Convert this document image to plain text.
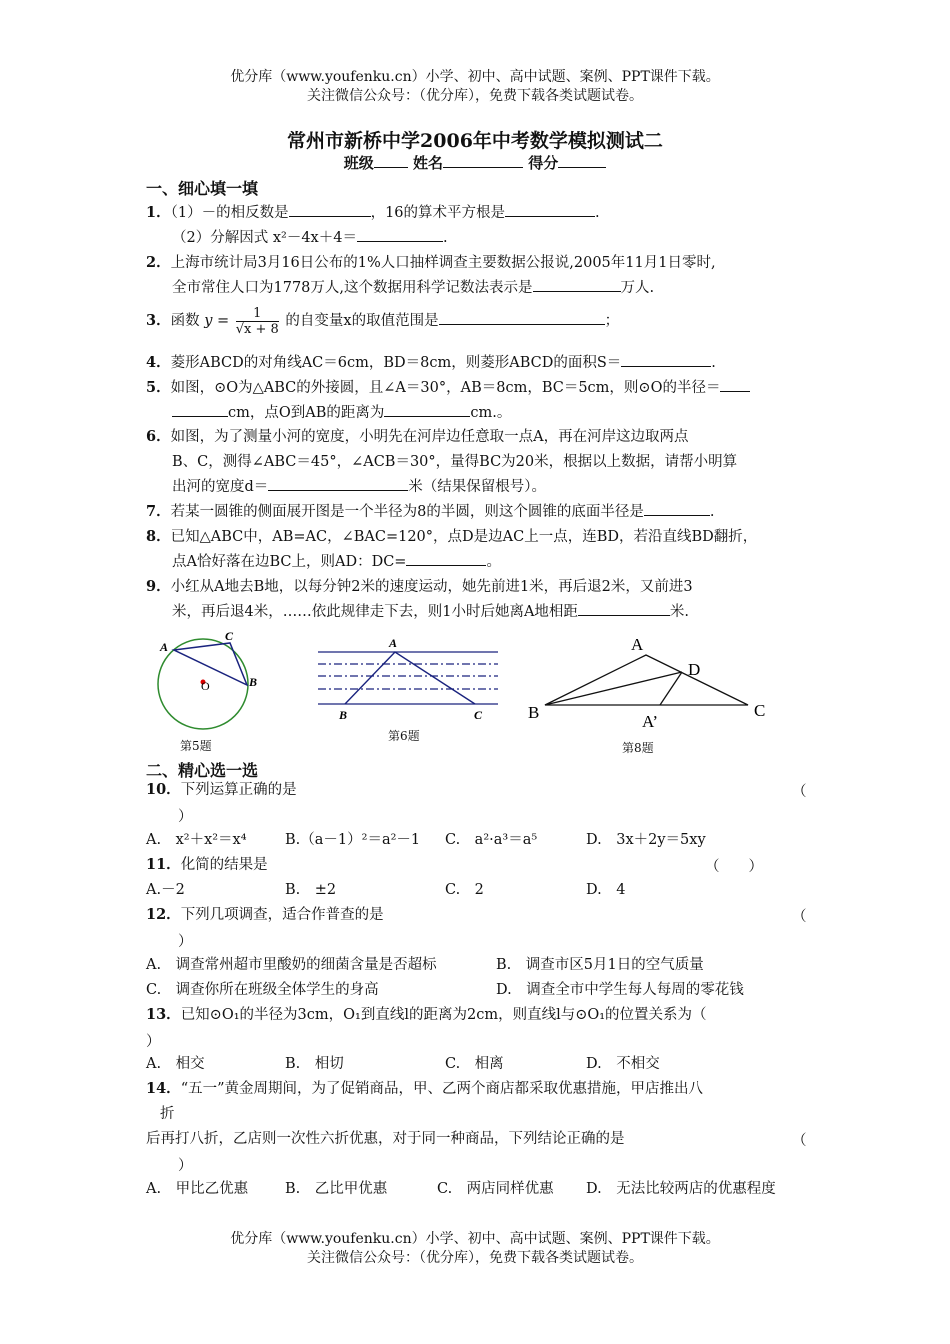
优分库（www.youfenku.cn）小学、初中、高中试题、案例、PPT课件下载。
关注微信公众号：（优分库），免费下载各类试题试卷。
常州市新桥中学2006年中考数学模拟测试二
班级	姓名	得分
一、细心填一填
1．（1）－的相反数是	，16的算术平方根是	.
（2）分解因式 x²－4x＋4＝	.
2．上海市统计局3月16日公布的1%人口抽样调查主要数据公报说,2005年11月1日零时,
全市常住人口为1778万人,这个数据用科学记数法表示是	万人.
3．函数 $y = \frac{1}{√x + 8}$ 的自变量x的取值范围是	；
4．菱形ABCD的对角线AC＝6cm，BD＝8cm，则菱形ABCD的面积S＝	.
5．如图，⊙O为△ABC的外接圆，且∠A＝30°，AB＝8cm，BC＝5cm，则⊙O的半径＝
cm，点O到AB的距离为	cm.。
6．如图，为了测量小河的宽度，小明先在河岸边任意取一点A，再在河岸这边取两点
B、C，测得∠ABC＝45°，∠ACB＝30°，量得BC为20米，根据以上数据，请帮小明算
出河的宽度d＝	米（结果保留根号）。
7．若某一圆锥的侧面展开图是一个半径为8的半圆，则这个圆锥的底面半径是	.
8．已知△ABC中，AB=AC，∠BAC=120°，点D是边AC上一点，连BD，若沿直线BD翻折，
点A恰好落在边BC上，则AD：DC=	。
9．小红从A地去B地，以每分钟2米的速度运动，她先前进1米，再后退2米，又前进3
米，再后退4米，……依此规律走下去，则1小时后她离A地相距	米.
A
C
B
O
第5题
A
B	C
第6题
A
D
B	C
A’
第8题
二、精心选一选
10．下列运算正确的是	（
）
A.　x²＋x²＝x⁴	B.（a－1）²＝a²－1 C.　a²·a³＝a⁵	D.　3x＋2y＝5xy
11．化简的结果是	（　　）
A.－2	B.　±2	C.　2	D.　4
12．下列几项调查，适合作普查的是	（
）
A.　调查常州超市里酸奶的细菌含量是否超标	B.　调查市区5月1日的空气质量
C.　调查你所在班级全体学生的身高	D.　调查全市中学生每人每周的零花钱
13．已知⊙O₁的半径为3cm，O₁到直线l的距离为2cm，则直线l与⊙O₁的位置关系为（
）
A.　相交	B.　相切	C.　相离	D.　不相交
14．“五一”黄金周期间，为了促销商品，甲、乙两个商店都采取优惠措施，甲店推出八
折
后再打八折，乙店则一次性六折优惠，对于同一种商品，下列结论正确的是	（
）
A.　甲比乙优惠	B.　乙比甲优惠	C.　两店同样优惠 D.　无法比较两店的优惠程度
优分库（www.youfenku.cn）小学、初中、高中试题、案例、PPT课件下载。
关注微信公众号：（优分库），免费下载各类试题试卷。
